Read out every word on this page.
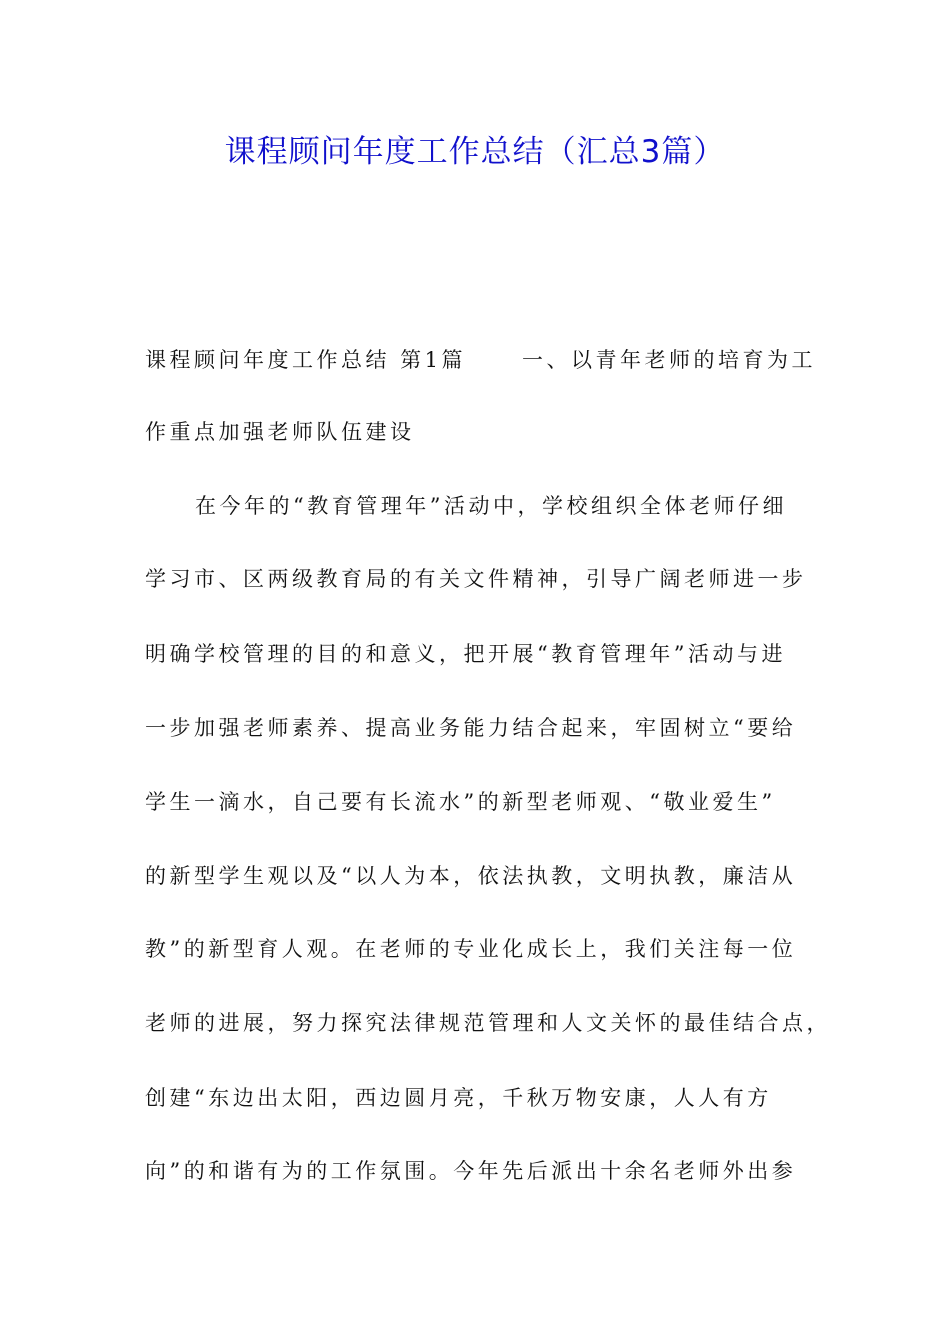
课程顾问年度工作总结（汇总3篇）
课程顾问年度工作总结 第1篇	一、以青年老师的培育为工
作重点加强老师队伍建设
在今年的“教育管理年”活动中，学校组织全体老师仔细
学习市、区两级教育局的有关文件精神，引导广阔老师进一步
明确学校管理的目的和意义，把开展“教育管理年”活动与进
一步加强老师素养、提高业务能力结合起来，牢固树立“要给
学生一滴水，自己要有长流水”的新型老师观、“敬业爱生”
的新型学生观以及“以人为本，依法执教，文明执教，廉洁从
教”的新型育人观。在老师的专业化成长上，我们关注每一位
老师的进展，努力探究法律规范管理和人文关怀的最佳结合点，
创建“东边出太阳，西边圆月亮，千秋万物安康，人人有方
向”的和谐有为的工作氛围。今年先后派出十余名老师外出参
